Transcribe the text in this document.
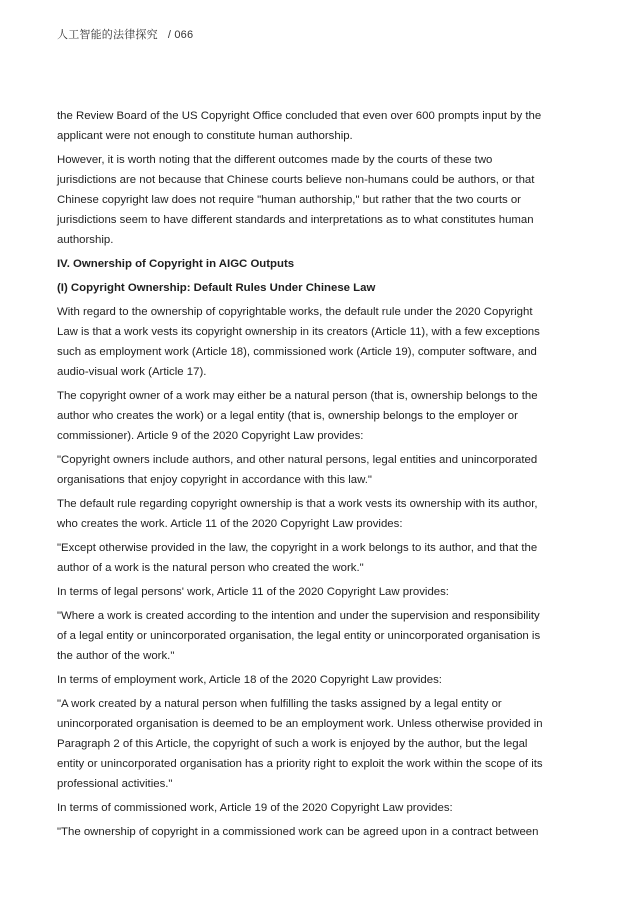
人工智能的法律探究 / 066

the Review Board of the US Copyright Office concluded that even over 600 prompts input by the applicant were not enough to constitute human authorship.

However, it is worth noting that the different outcomes made by the courts of these two jurisdictions are not because that Chinese courts believe non-humans could be authors, or that Chinese copyright law does not require "human authorship," but rather that the two courts or jurisdictions seem to have different standards and interpretations as to what constitutes human authorship.

IV. Ownership of Copyright in AIGC Outputs

(I) Copyright Ownership: Default Rules Under Chinese Law

With regard to the ownership of copyrightable works, the default rule under the 2020 Copyright Law is that a work vests its copyright ownership in its creators (Article 11), with a few exceptions such as employment work (Article 18), commissioned work (Article 19), computer software, and audio-visual work (Article 17).

The copyright owner of a work may either be a natural person (that is, ownership belongs to the author who creates the work) or a legal entity (that is, ownership belongs to the employer or commissioner). Article 9 of the 2020 Copyright Law provides:

"Copyright owners include authors, and other natural persons, legal entities and unincorporated organisations that enjoy copyright in accordance with this law."

The default rule regarding copyright ownership is that a work vests its ownership with its author, who creates the work. Article 11 of the 2020 Copyright Law provides:

"Except otherwise provided in the law, the copyright in a work belongs to its author, and that the author of a work is the natural person who created the work."

In terms of legal persons' work, Article 11 of the 2020 Copyright Law provides:

"Where a work is created according to the intention and under the supervision and responsibility of a legal entity or unincorporated organisation, the legal entity or unincorporated organisation is the author of the work."

In terms of employment work, Article 18 of the 2020 Copyright Law provides:

"A work created by a natural person when fulfilling the tasks assigned by a legal entity or unincorporated organisation is deemed to be an employment work. Unless otherwise provided in Paragraph 2 of this Article, the copyright of such a work is enjoyed by the author, but the legal entity or unincorporated organisation has a priority right to exploit the work within the scope of its professional activities."

In terms of commissioned work, Article 19 of the 2020 Copyright Law provides:

"The ownership of copyright in a commissioned work can be agreed upon in a contract between
